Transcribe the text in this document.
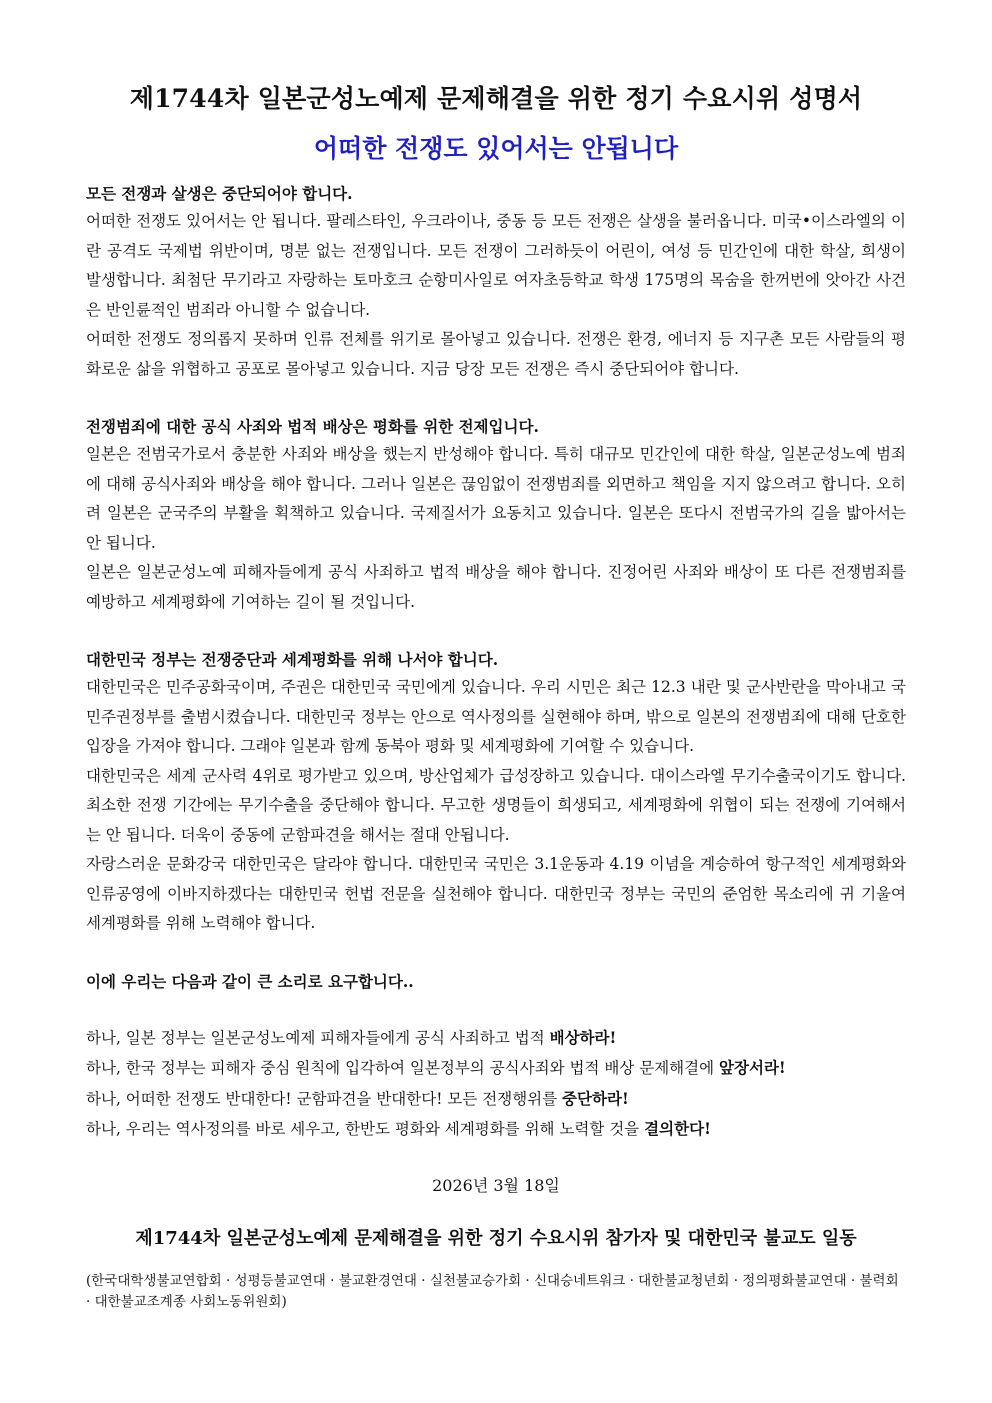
제1744차 일본군성노예제 문제해결을 위한 정기 수요시위 성명서
어떠한 전쟁도 있어서는 안됩니다

모든 전쟁과 살생은 중단되어야 합니다.

어떠한 전쟁도 있어서는 안 됩니다. 팔레스타인, 우크라이나, 중동 등 모든 전쟁은 살생을 불러옵니다. 미국•이스라엘의 이란 공격도 국제법 위반이며, 명분 없는 전쟁입니다. 모든 전쟁이 그러하듯이 어린이, 여성 등 민간인에 대한 학살, 희생이 발생합니다. 최첨단 무기라고 자랑하는 토마호크 순항미사일로 여자초등학교 학생 175명의 목숨을 한꺼번에 앗아간 사건은 반인륜적인 범죄라 아니할 수 없습니다.

어떠한 전쟁도 정의롭지 못하며 인류 전체를 위기로 몰아넣고 있습니다. 전쟁은 환경, 에너지 등 지구촌 모든 사람들의 평화로운 삶을 위협하고 공포로 몰아넣고 있습니다. 지금 당장 모든 전쟁은 즉시 중단되어야 합니다.

전쟁범죄에 대한 공식 사죄와 법적 배상은 평화를 위한 전제입니다.

일본은 전범국가로서 충분한 사죄와 배상을 했는지 반성해야 합니다. 특히 대규모 민간인에 대한 학살, 일본군성노예 범죄에 대해 공식사죄와 배상을 해야 합니다. 그러나 일본은 끊임없이 전쟁범죄를 외면하고 책임을 지지 않으려고 합니다. 오히려 일본은 군국주의 부활을 획책하고 있습니다. 국제질서가 요동치고 있습니다. 일본은 또다시 전범국가의 길을 밟아서는 안 됩니다.

일본은 일본군성노예 피해자들에게 공식 사죄하고 법적 배상을 해야 합니다. 진정어린 사죄와 배상이 또 다른 전쟁범죄를 예방하고 세계평화에 기여하는 길이 될 것입니다.

대한민국 정부는 전쟁중단과 세계평화를 위해 나서야 합니다.

대한민국은 민주공화국이며, 주권은 대한민국 국민에게 있습니다. 우리 시민은 최근 12.3 내란 및 군사반란을 막아내고 국민주권정부를 출범시켰습니다. 대한민국 정부는 안으로 역사정의를 실현해야 하며, 밖으로 일본의 전쟁범죄에 대해 단호한 입장을 가져야 합니다. 그래야 일본과 함께 동북아 평화 및 세계평화에 기여할 수 있습니다.

대한민국은 세계 군사력 4위로 평가받고 있으며, 방산업체가 급성장하고 있습니다. 대이스라엘 무기수출국이기도 합니다. 최소한 전쟁 기간에는 무기수출을 중단해야 합니다. 무고한 생명들이 희생되고, 세계평화에 위협이 되는 전쟁에 기여해서는 안 됩니다. 더욱이 중동에 군함파견을 해서는 절대 안됩니다.

자랑스러운 문화강국 대한민국은 달라야 합니다. 대한민국 국민은 3.1운동과 4.19 이념을 계승하여 항구적인 세계평화와 인류공영에 이바지하겠다는 대한민국 헌법 전문을 실천해야 합니다. 대한민국 정부는 국민의 준엄한 목소리에 귀 기울여 세계평화를 위해 노력해야 합니다.

이에 우리는 다음과 같이 큰 소리로 요구합니다..

하나, 일본 정부는 일본군성노예제 피해자들에게 공식 사죄하고 법적 배상하라!

하나, 한국 정부는 피해자 중심 원칙에 입각하여 일본정부의 공식사죄와 법적 배상 문제해결에 앞장서라!

하나, 어떠한 전쟁도 반대한다! 군함파견을 반대한다! 모든 전쟁행위를 중단하라!

하나, 우리는 역사정의를 바로 세우고, 한반도 평화와 세계평화를 위해 노력할 것을 결의한다!

2026년 3월 18일

제1744차 일본군성노예제 문제해결을 위한 정기 수요시위 참가자 및 대한민국 불교도 일동

(한국대학생불교연합회 · 성평등불교연대 · 불교환경연대 · 실천불교승가회 · 신대승네트워크 · 대한불교청년회 · 정의평화불교연대 · 불력회 · 대한불교조계종 사회노동위원회)
